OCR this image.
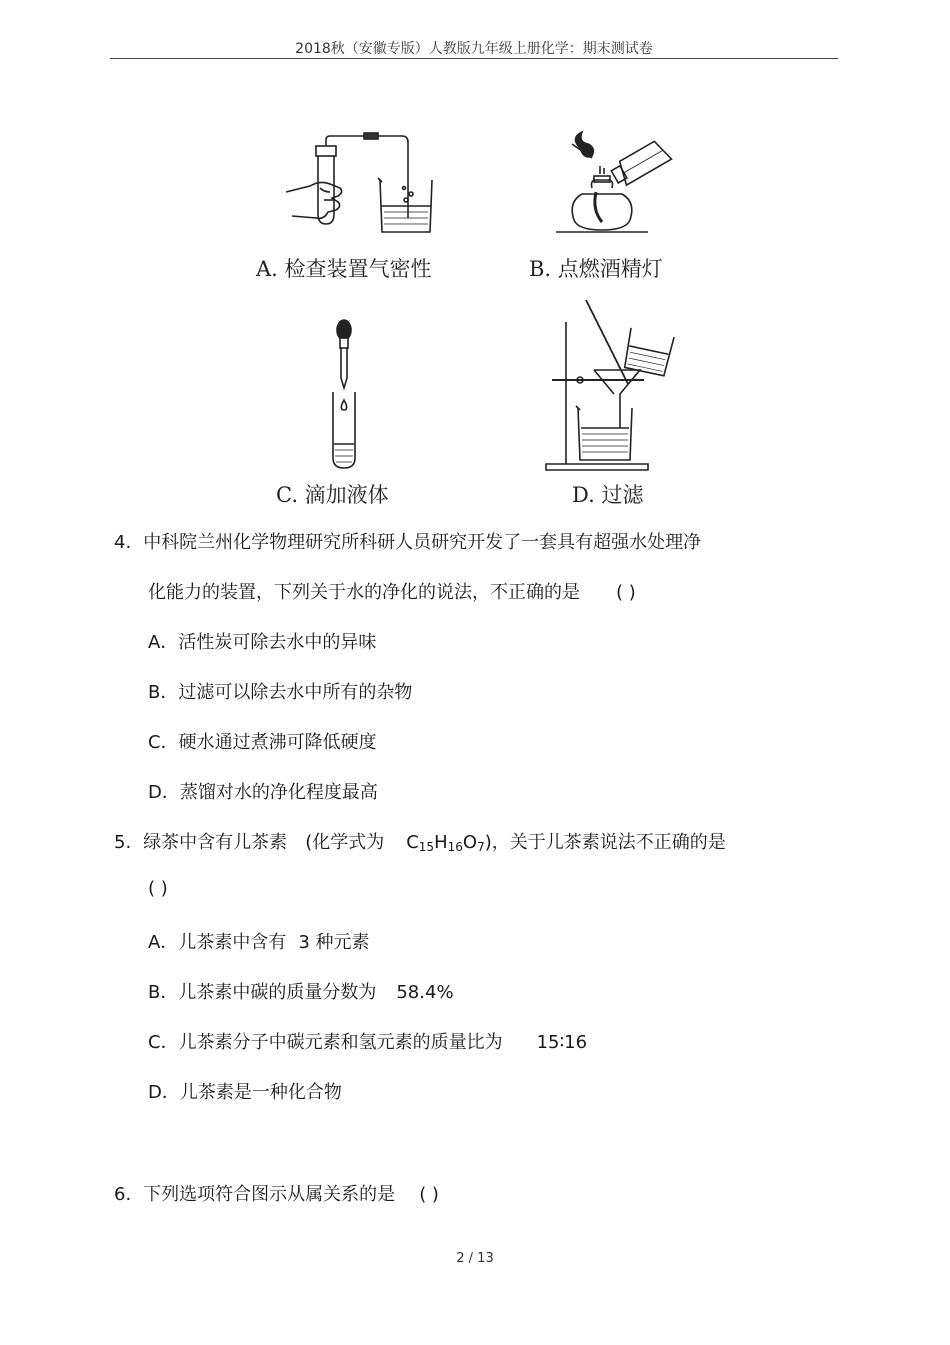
2018秋（安徽专版）人教版九年级上册化学：期末测试卷
A. 检查装置气密性	B. 点燃酒精灯
C. 滴加液体	D. 过滤
4. 中科院兰州化学物理研究所科研人员研究开发了一套具有超强水处理净
化能力的装置，下列关于水的净化的说法，不正确的是 ( )
A．活性炭可除去水中的异味
B．过滤可以除去水中所有的杂物
C．硬水通过煮沸可降低硬度
D．蒸馏对水的净化程度最高
5. 绿茶中含有儿茶素 (化学式为 $C_{15}H_{16}O_7$)，关于儿茶素说法不正确的是
( )
A．儿茶素中含有 3 种元素
B．儿茶素中碳的质量分数为 58.4%
C．儿茶素分子中碳元素和氢元素的质量比为 15∶16
D．儿茶素是一种化合物
6. 下列选项符合图示从属关系的是 ( )
2 / 13
